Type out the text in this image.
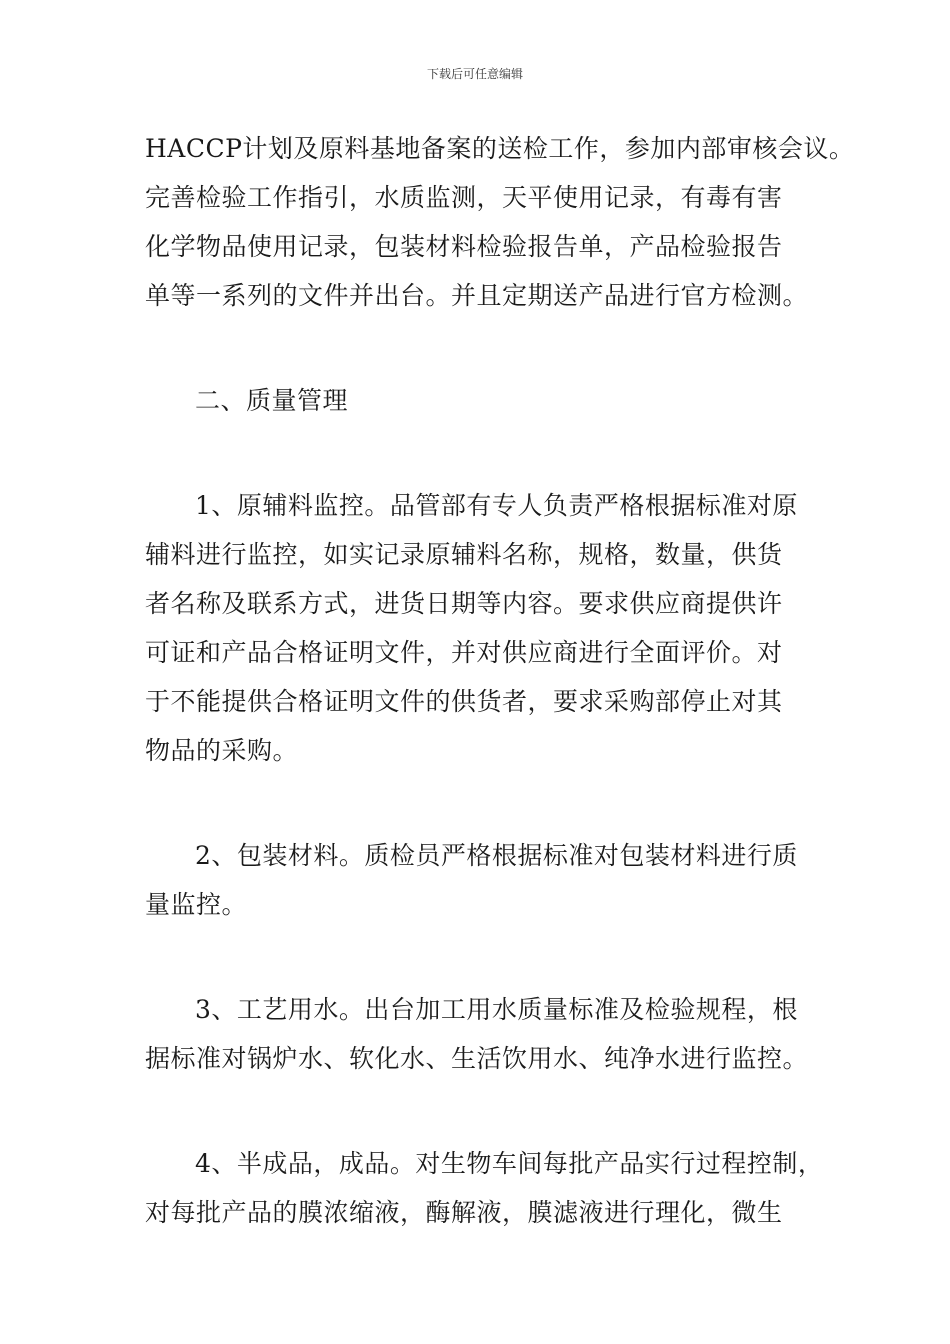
下载后可任意编辑
HACCP计划及原料基地备案的送检工作，参加内部审核会议。
完善检验工作指引，水质监测，天平使用记录，有毒有害
化学物品使用记录，包装材料检验报告单，产品检验报告
单等一系列的文件并出台。并且定期送产品进行官方检测。
二、质量管理
1、原辅料监控。品管部有专人负责严格根据标准对原
辅料进行监控，如实记录原辅料名称，规格，数量，供货
者名称及联系方式，进货日期等内容。要求供应商提供许
可证和产品合格证明文件，并对供应商进行全面评价。对
于不能提供合格证明文件的供货者，要求采购部停止对其
物品的采购。
2、包装材料。质检员严格根据标准对包装材料进行质
量监控。
3、工艺用水。出台加工用水质量标准及检验规程，根
据标准对锅炉水、软化水、生活饮用水、纯净水进行监控。
4、半成品，成品。对生物车间每批产品实行过程控制，
对每批产品的膜浓缩液，酶解液，膜滤液进行理化，微生
